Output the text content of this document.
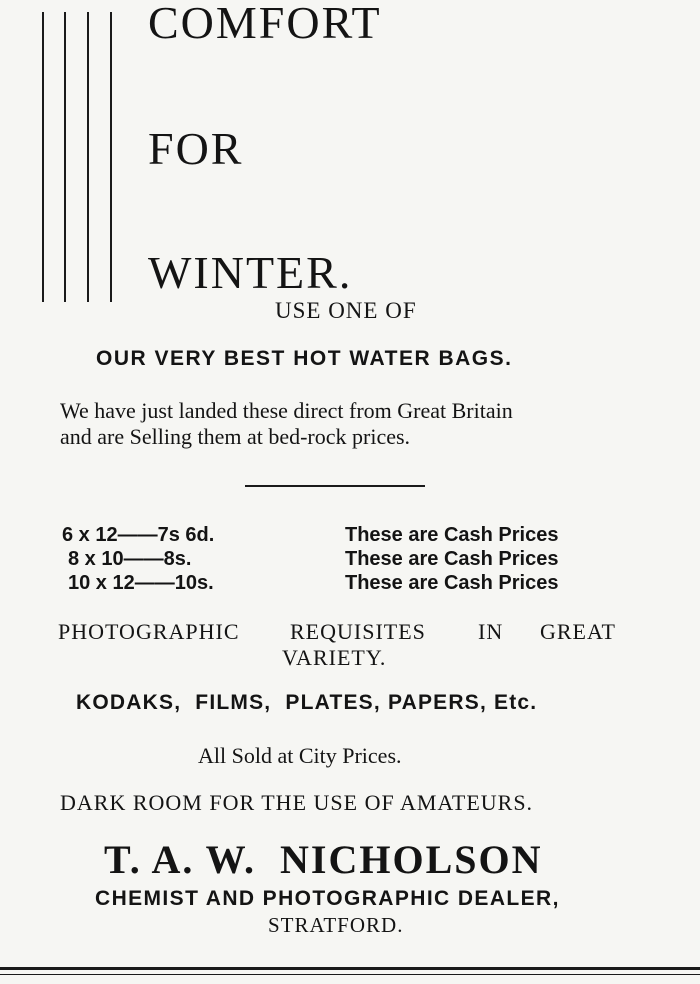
COMFORT
FOR
WINTER.
USE ONE OF
OUR VERY BEST HOT WATER BAGS.
We have just landed these direct from Great Britain
and are Selling them at bed-rock prices.
6 x 12——7s 6d.	These are Cash Prices
8 x 10——8s.	These are Cash Prices
10 x 12——10s.	These are Cash Prices
PHOTOGRAPHIC REQUISITES IN GREAT
VARIETY.
KODAKS,  FILMS,  PLATES, PAPERS, Etc.
All Sold at City Prices.
DARK ROOM FOR THE USE OF AMATEURS.
T. A. W.  NICHOLSON
CHEMIST AND PHOTOGRAPHIC DEALER,
STRATFORD.
